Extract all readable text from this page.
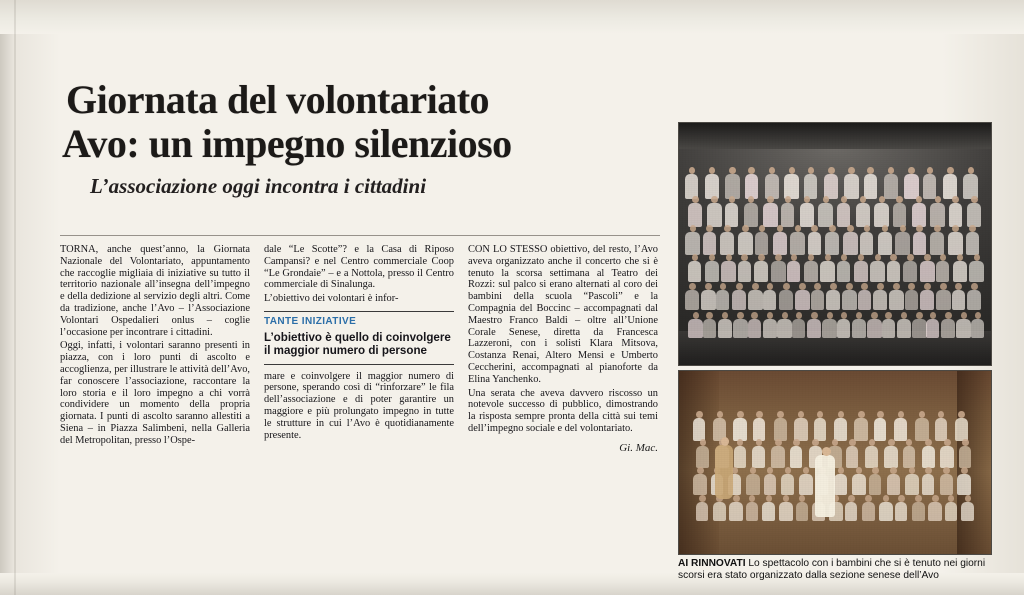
Giornata del volontariato
Avo: un impegno silenzioso
L’associazione oggi incontra i cittadini

TORNA, anche quest’anno, la Giornata Nazionale del Volontariato, appuntamento che raccoglie migliaia di iniziative su tutto il territorio nazionale all’insegna dell’impegno e della dedizione al servizio degli altri. Come da tradizione, anche l’Avo – l’Associazione Volontari Ospedalieri onlus – coglie l’occasione per incontrare i cittadini.

Oggi, infatti, i volontari saranno presenti in piazza, con i loro punti di ascolto e accoglienza, per illustrare le attività dell’Avo, far conoscere l’associazione, raccontare la loro storia e il loro impegno a chi vorrà condividere un momento della propria giornata. I punti di ascolto saranno allestiti a Siena – in Piazza Salimbeni, nella Galleria del Metropolitan, presso l’Ospe-

dale “Le Scotte”? e la Casa di Riposo Campansi? e nel Centro commerciale Coop “Le Grondaie” – e a Nottola, presso il Centro commerciale di Sinalunga.

L’obiettivo dei volontari è infor-

TANTE INIZIATIVE
L’obiettivo è quello di coinvolgere il maggior numero di persone

mare e coinvolgere il maggior numero di persone, sperando così di “rinforzare” le fila dell’associazione e di poter garantire un maggiore e più prolungato impegno in tutte le strutture in cui l’Avo è quotidianamente presente.

CON LO STESSO obiettivo, del resto, l’Avo aveva organizzato anche il concerto che si è tenuto la scorsa settimana al Teatro dei Rozzi: sul palco si erano alternati al coro dei bambini della scuola “Pascoli” e la Compagnia del Boccinc – accompagnati dal Maestro Franco Baldi – oltre all’Unione Corale Senese, diretta da Francesca Lazzeroni, con i solisti Klara Mitsova, Costanza Renai, Altero Mensi e Umberto Ceccherini, accompagnati al pianoforte da Elina Yanchenko.

Una serata che aveva davvero riscosso un notevole successo di pubblico, dimostrando la risposta sempre pronta della città sui temi dell’impegno sociale e del volontariato.

Gi. Mac.
AI RINNOVATI Lo spettacolo con i bambini che si è tenuto nei giorni scorsi era stato organizzato dalla sezione senese dell’Avo
